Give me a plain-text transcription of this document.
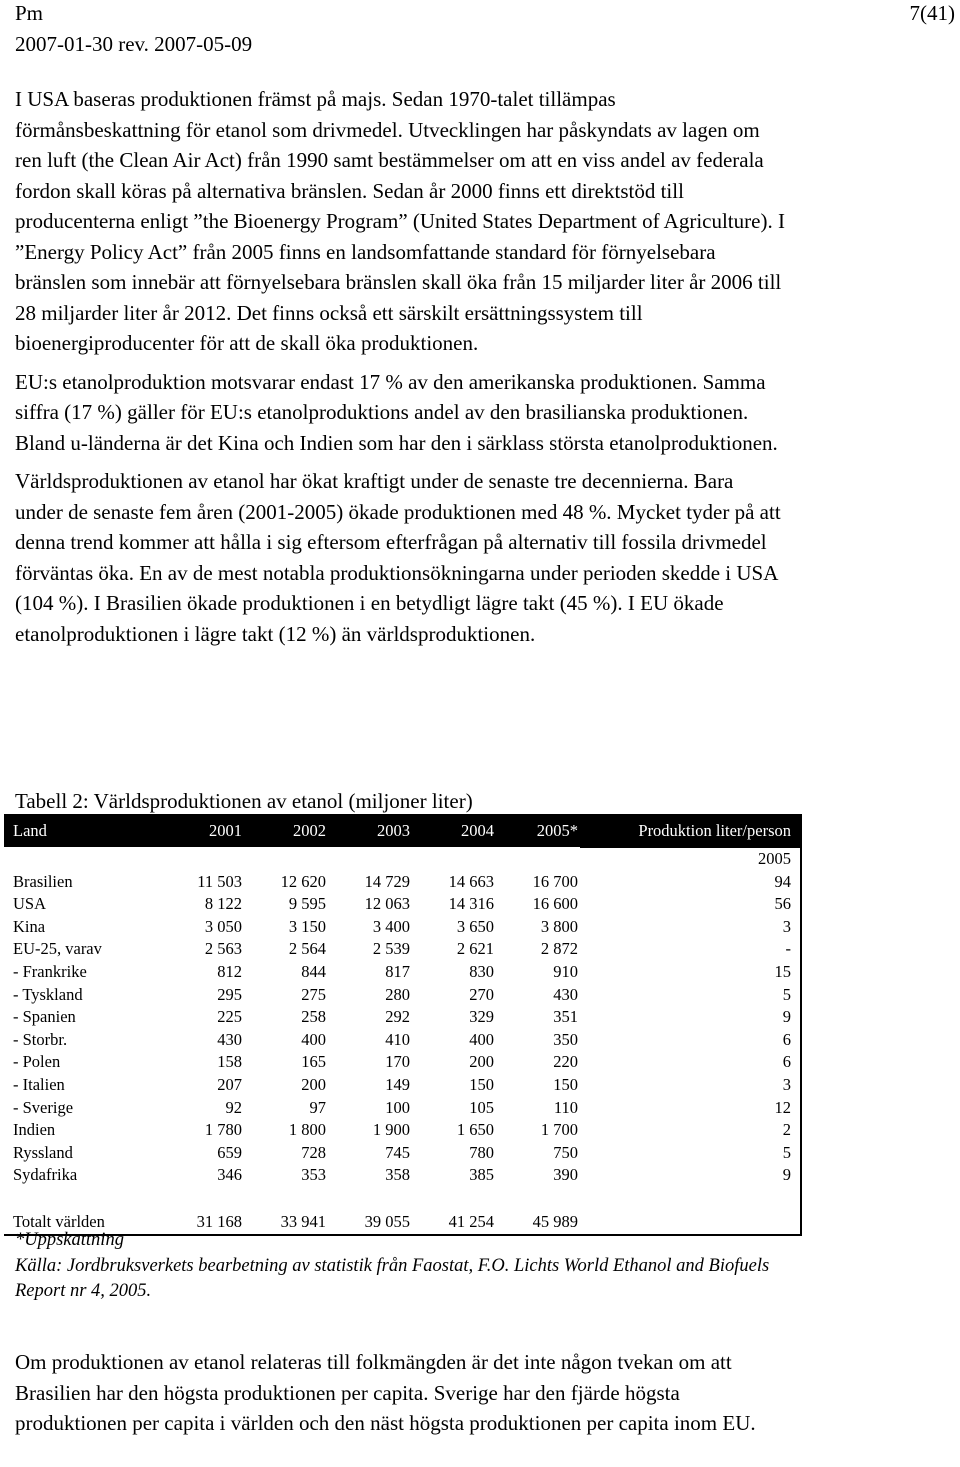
Pm
2007-01-30 rev. 2007-05-09
7(41)

I USA baseras produktionen främst på majs. Sedan 1970-talet tillämpas förmånsbeskattning för etanol som drivmedel. Utvecklingen har påskyndats av lagen om ren luft (the Clean Air Act) från 1990 samt bestämmelser om att en viss andel av federala fordon skall köras på alternativa bränslen. Sedan år 2000 finns ett direktstöd till producenterna enligt ”the Bioenergy Program” (United States Department of Agriculture). I ”Energy Policy Act” från 2005 finns en landsomfattande standard för förnyelsebara bränslen som innebär att förnyelsebara bränslen skall öka från 15 miljarder liter år 2006 till 28 miljarder liter år 2012. Det finns också ett särskilt ersättningssystem till bioenergiproducenter för att de skall öka produktionen.

EU:s etanolproduktion motsvarar endast 17 % av den amerikanska produktionen. Samma siffra (17 %) gäller för EU:s etanolproduktions andel av den brasilianska produktionen. Bland u-länderna är det Kina och Indien som har den i särklass största etanolproduktionen.

Världsproduktionen av etanol har ökat kraftigt under de senaste tre decennierna. Bara under de senaste fem åren (2001-2005) ökade produktionen med 48 %. Mycket tyder på att denna trend kommer att hålla i sig eftersom efterfrågan på alternativ till fossila drivmedel förväntas öka. En av de mest notabla produktionsökningarna under perioden skedde i USA (104 %). I Brasilien ökade produktionen i en betydligt lägre takt (45 %). I EU ökade etanolproduktionen i lägre takt (12 %) än världsproduktionen.

Tabell 2: Världsproduktionen av etanol (miljoner liter)
Land	2001	2002	2003	2004	2005*	Produktion liter/person
						2005
Brasilien	11 503	12 620	14 729	14 663	16 700	94
USA	8 122	9 595	12 063	14 316	16 600	56
Kina	3 050	3 150	3 400	3 650	3 800	3
EU-25, varav	2 563	2 564	2 539	2 621	2 872	-
- Frankrike	812	844	817	830	910	15
- Tyskland	295	275	280	270	430	5
- Spanien	225	258	292	329	351	9
- Storbr.	430	400	410	400	350	6
- Polen	158	165	170	200	220	6
- Italien	207	200	149	150	150	3
- Sverige	92	97	100	105	110	12
Indien	1 780	1 800	1 900	1 650	1 700	2
Ryssland	659	728	745	780	750	5
Sydafrika	346	353	358	385	390	9

Totalt världen	31 168	33 941	39 055	41 254	45 989	

*Uppskattning

Källa: Jordbruksverkets bearbetning av statistik från Faostat, F.O. Lichts World Ethanol and Biofuels Report nr 4, 2005.

Om produktionen av etanol relateras till folkmängden är det inte någon tvekan om att Brasilien har den högsta produktionen per capita. Sverige har den fjärde högsta produktionen per capita i världen och den näst högsta produktionen per capita inom EU.
